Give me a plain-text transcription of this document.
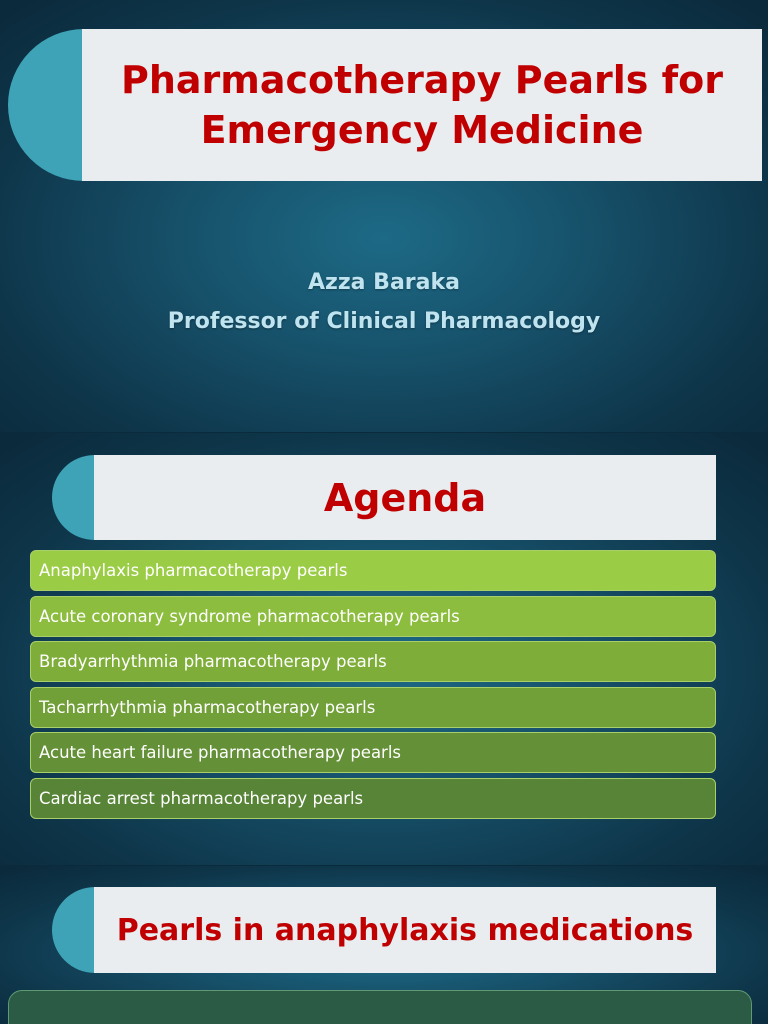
Pharmacotherapy Pearls for Emergency Medicine
Azza Baraka
Professor of Clinical Pharmacology
Agenda
Anaphylaxis pharmacotherapy pearls
Acute coronary syndrome pharmacotherapy pearls
Bradyarrhythmia pharmacotherapy pearls
Tacharrhythmia pharmacotherapy pearls
Acute heart failure pharmacotherapy pearls
Cardiac arrest pharmacotherapy pearls
Pearls in anaphylaxis medications
